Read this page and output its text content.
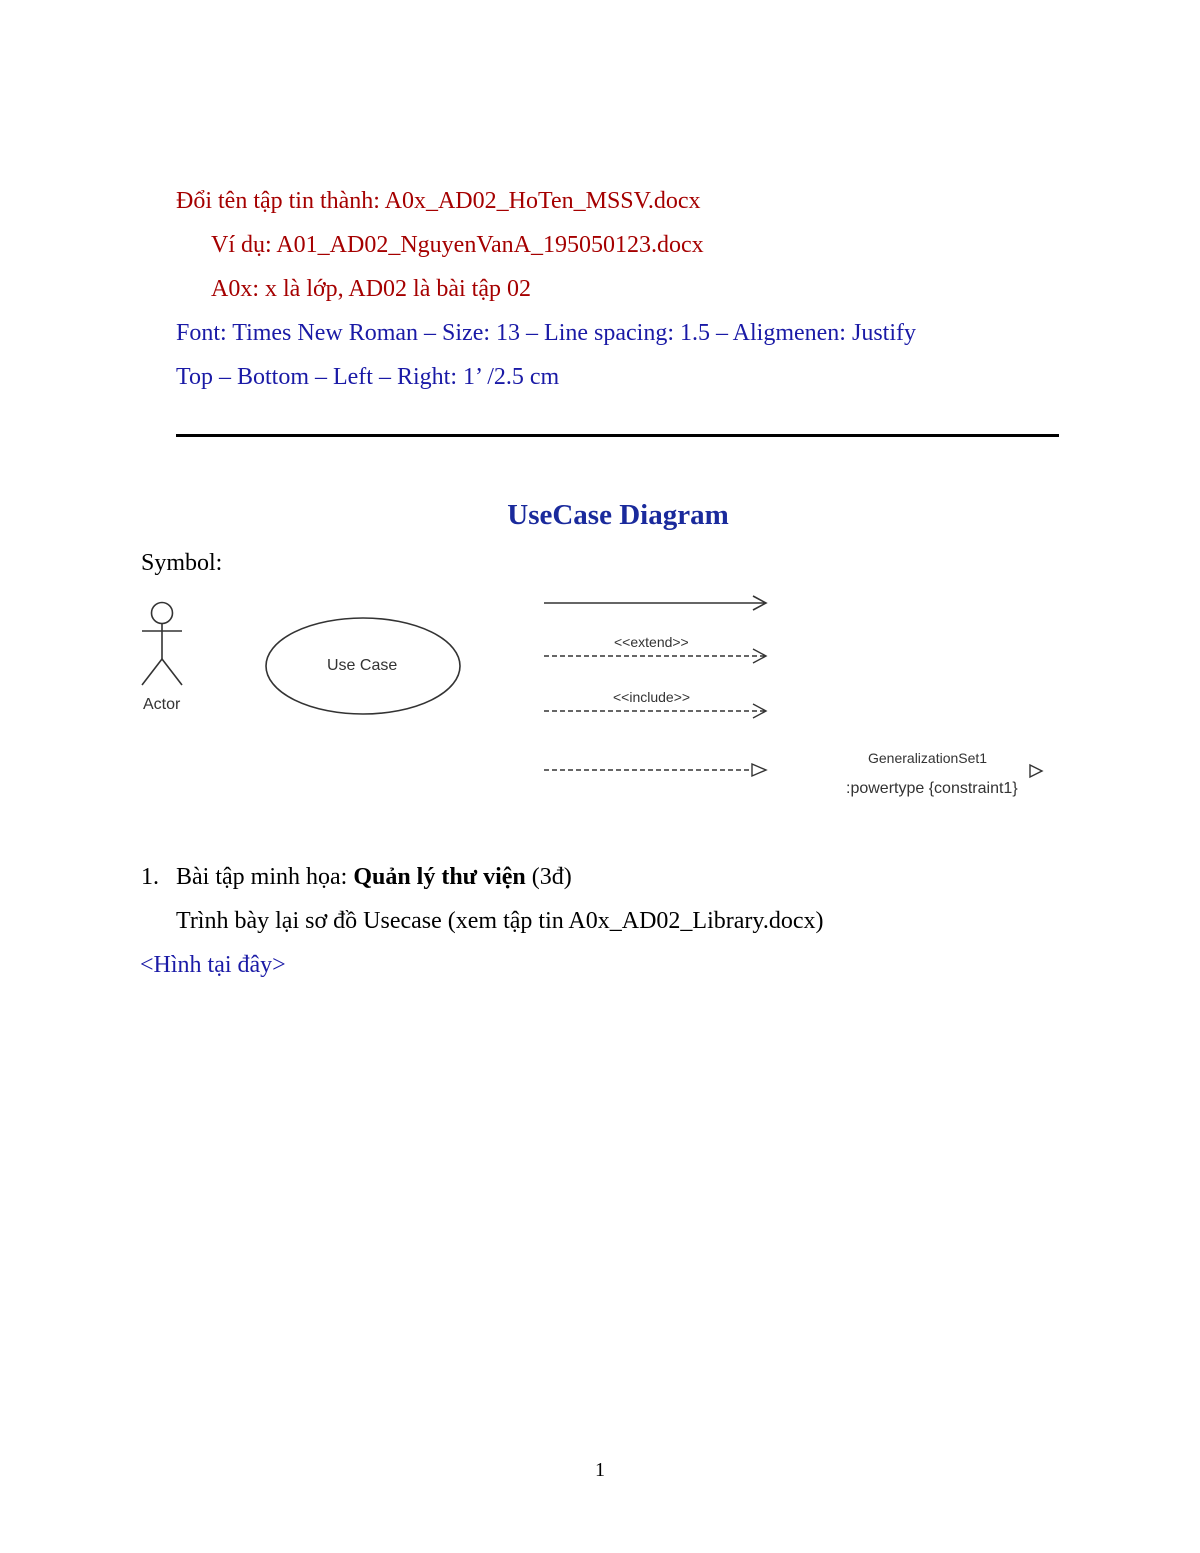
Đổi tên tập tin thành: A0x_AD02_HoTen_MSSV.docx
Ví dụ: A01_AD02_NguyenVanA_195050123.docx
A0x: x là lớp, AD02 là bài tập 02
Font: Times New Roman – Size: 13 – Line spacing: 1.5 – Aligmenen: Justify
Top – Bottom – Left – Right: 1’ /2.5 cm
UseCase Diagram
Symbol:
Actor
Use Case
<<extend>>
<<include>>
GeneralizationSet1
:powertype {constraint1}
1. Bài tập minh họa: Quản lý thư viện (3đ)
Trình bày lại sơ đồ Usecase (xem tập tin A0x_AD02_Library.docx)
<Hình tại đây>
1
